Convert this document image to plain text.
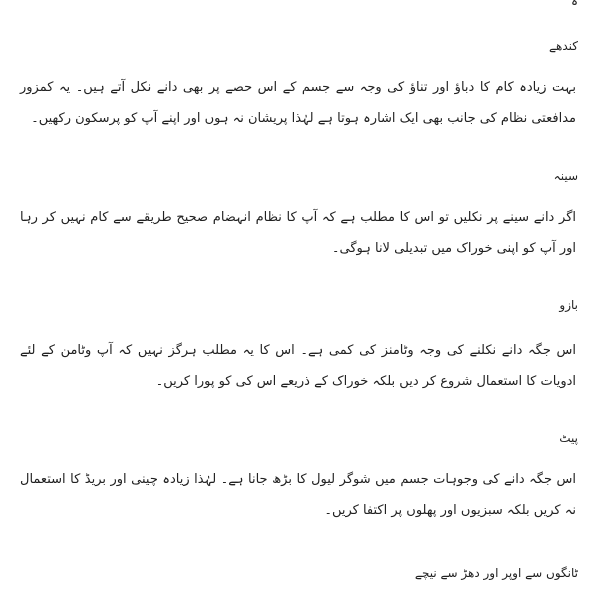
ہ
کندھے
بہت زیادہ کام کا دباؤ اور تناؤ کی وجہ سے جسم کے اس حصے پر بھی دانے نکل آتے ہیں۔ یہ کمزور مدافعتی نظام کی جانب بھی ایک اشارہ ہوتا ہے لہٰذا پریشان نہ ہوں اور اپنے آپ کو پرسکون رکھیں۔
سینہ
اگر دانے سینے پر نکلیں تو اس کا مطلب ہے کہ آپ کا نظام انہضام صحیح طریقے سے کام نہیں کر رہا اور آپ کو اپنی خوراک میں تبدیلی لانا ہوگی۔
بازو
اس جگہ دانے نکلنے کی وجہ وٹامنز کی کمی ہے۔ اس کا یہ مطلب ہرگز نہیں کہ آپ وٹامن کے لئے ادویات کا استعمال شروع کر دیں بلکہ خوراک کے ذریعے اس کی کو پورا کریں۔
پیٹ
اس جگہ دانے کی وجوہات جسم میں شوگر لیول کا بڑھ جانا ہے۔ لہٰذا زیادہ چینی اور بریڈ کا استعمال نہ کریں بلکہ سبزیوں اور پھلوں پر اکتفا کریں۔
ٹانگوں سے اوپر اور دھڑ سے نیچے
